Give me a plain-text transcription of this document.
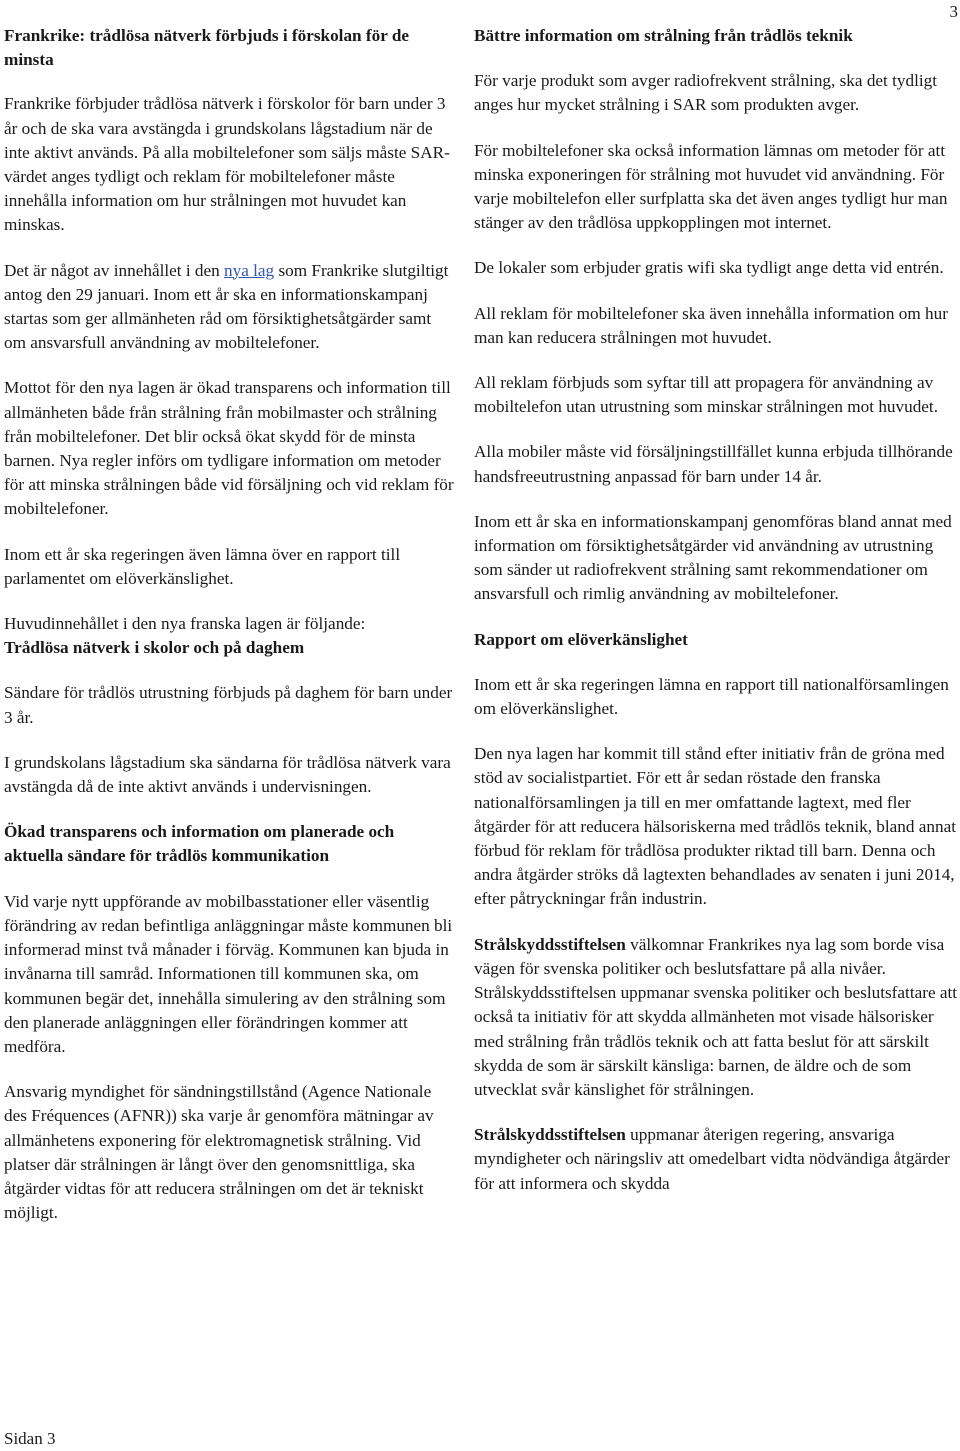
3

Frankrike: trådlösa nätverk förbjuds i förskolan för de minsta

Frankrike förbjuder trådlösa nätverk i förskolor för barn under 3 år och de ska vara avstängda i grundskolans lågstadium när de inte aktivt används. På alla mobiltelefoner som säljs måste SAR-värdet anges tydligt och reklam för mobiltelefoner måste innehålla information om hur strålningen mot huvudet kan minskas.

Det är något av innehållet i den nya lag som Frankrike slutgiltigt antog den 29 januari. Inom ett år ska en informationskampanj startas som ger allmänheten råd om försiktighetsåtgärder samt om ansvarsfull användning av mobiltelefoner.

Mottot för den nya lagen är ökad transparens och information till allmänheten både från strålning från mobilmaster och strålning från mobiltelefoner. Det blir också ökat skydd för de minsta barnen. Nya regler införs om tydligare information om metoder för att minska strålningen både vid försäljning och vid reklam för mobiltelefoner.

Inom ett år ska regeringen även lämna över en rapport till parlamentet om elöverkänslighet.

Huvudinnehållet i den nya franska lagen är följande:
Trådlösa nätverk i skolor och på daghem

Sändare för trådlös utrustning förbjuds på daghem för barn under 3 år.

I grundskolans lågstadium ska sändarna för trådlösa nätverk vara avstängda då de inte aktivt används i undervisningen.

Ökad transparens och information om planerade och aktuella sändare för trådlös kommunikation

Vid varje nytt uppförande av mobilbasstationer eller väsentlig förändring av redan befintliga anläggningar måste kommunen bli informerad minst två månader i förväg. Kommunen kan bjuda in invånarna till samråd. Informationen till kommunen ska, om kommunen begär det, innehålla simulering av den strålning som den planerade anläggningen eller förändringen kommer att medföra.

Ansvarig myndighet för sändningstillstånd (Agence Nationale des Fréquences (AFNR)) ska varje år genomföra mätningar av allmänhetens exponering för elektromagnetisk strålning. Vid platser där strålningen är långt över den genomsnittliga, ska åtgärder vidtas för att reducera strålningen om det är tekniskt möjligt.

Bättre information om strålning från trådlös teknik

För varje produkt som avger radiofrekvent strålning, ska det tydligt anges hur mycket strålning i SAR som produkten avger.

För mobiltelefoner ska också information lämnas om metoder för att minska exponeringen för strålning mot huvudet vid användning. För varje mobiltelefon eller surfplatta ska det även anges tydligt hur man stänger av den trådlösa uppkopplingen mot internet.

De lokaler som erbjuder gratis wifi ska tydligt ange detta vid entrén.

All reklam för mobiltelefoner ska även innehålla information om hur man kan reducera strålningen mot huvudet.

All reklam förbjuds som syftar till att propagera för användning av mobiltelefon utan utrustning som minskar strålningen mot huvudet.

Alla mobiler måste vid försäljningstillfället kunna erbjuda tillhörande handsfreeutrustning anpassad för barn under 14 år.

Inom ett år ska en informationskampanj genomföras bland annat med information om försiktighetsåtgärder vid användning av utrustning som sänder ut radiofrekvent strålning samt rekommendationer om ansvarsfull och rimlig användning av mobiltelefoner.

Rapport om elöverkänslighet

Inom ett år ska regeringen lämna en rapport till nationalförsamlingen om elöverkänslighet.

Den nya lagen har kommit till stånd efter initiativ från de gröna med stöd av socialistpartiet. För ett år sedan röstade den franska nationalförsamlingen ja till en mer omfattande lagtext, med fler åtgärder för att reducera hälsoriskerna med trådlös teknik, bland annat förbud för reklam för trådlösa produkter riktad till barn. Denna och andra åtgärder ströks då lagtexten behandlades av senaten i juni 2014, efter påtryckningar från industrin.

Strålskyddsstiftelsen välkomnar Frankrikes nya lag som borde visa vägen för svenska politiker och beslutsfattare på alla nivåer. Strålskyddsstiftelsen uppmanar svenska politiker och beslutsfattare att också ta initiativ för att skydda allmänheten mot visade hälsorisker med strålning från trådlös teknik och att fatta beslut för att särskilt skydda de som är särskilt känsliga: barnen, de äldre och de som utvecklat svår känslighet för strålningen.

Strålskyddsstiftelsen uppmanar återigen regering, ansvariga myndigheter och näringsliv att omedelbart vidta nödvändiga åtgärder för att informera och skydda

Sidan 3
